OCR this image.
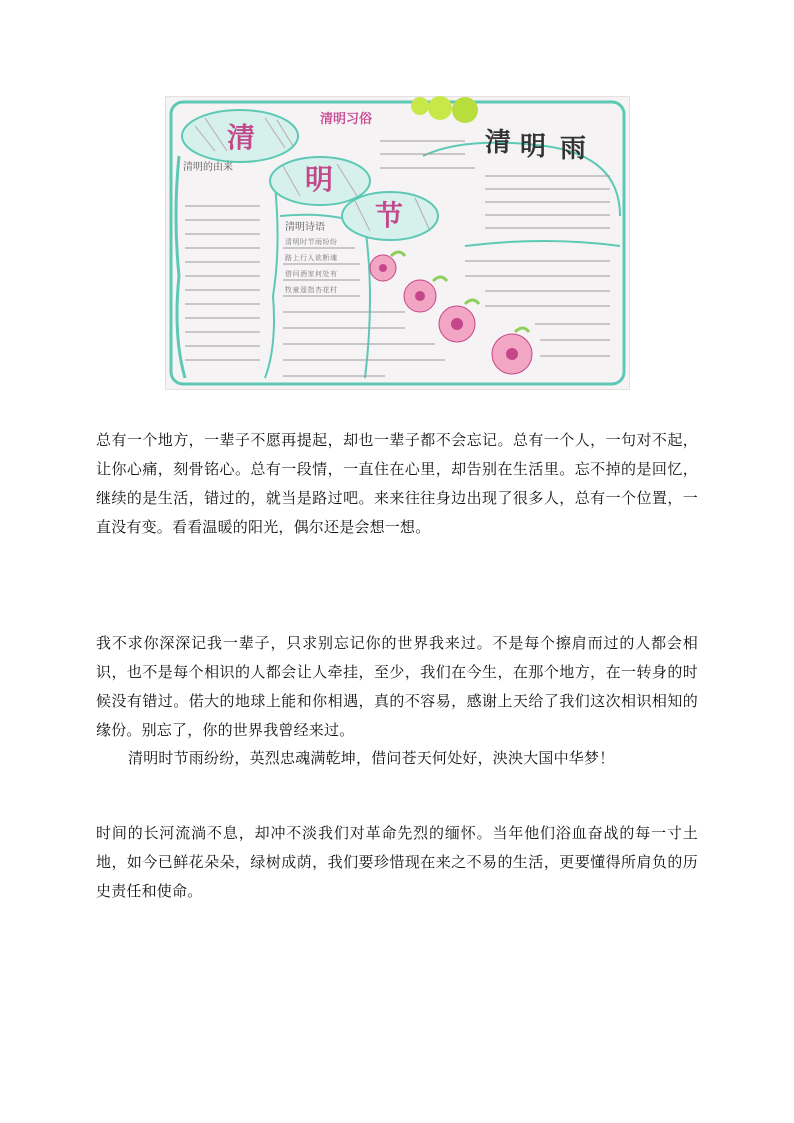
清
明
节
清明习俗
清 明 雨
清明的由来
清明诗语
清明时节雨纷纷
路上行人欲断魂
借问酒家何处有
牧童遥指杏花村

总有一个地方，一辈子不愿再提起，却也一辈子都不会忘记。总有一个人，一句对不起，让你心痛，刻骨铭心。总有一段情，一直住在心里，却告别在生活里。忘不掉的是回忆，继续的是生活，错过的，就当是路过吧。来来往往身边出现了很多人，总有一个位置，一直没有变。看看温暖的阳光，偶尔还是会想一想。

我不求你深深记我一辈子，只求别忘记你的世界我来过。不是每个擦肩而过的人都会相识，也不是每个相识的人都会让人牵挂，至少，我们在今生，在那个地方，在一转身的时候没有错过。偌大的地球上能和你相遇，真的不容易，感谢上天给了我们这次相识相知的缘份。别忘了，你的世界我曾经来过。

清明时节雨纷纷，英烈忠魂满乾坤，借问苍天何处好，泱泱大国中华梦！

时间的长河流淌不息，却冲不淡我们对革命先烈的缅怀。当年他们浴血奋战的每一寸土地，如今已鲜花朵朵，绿树成荫，我们要珍惜现在来之不易的生活，更要懂得所肩负的历史责任和使命。
